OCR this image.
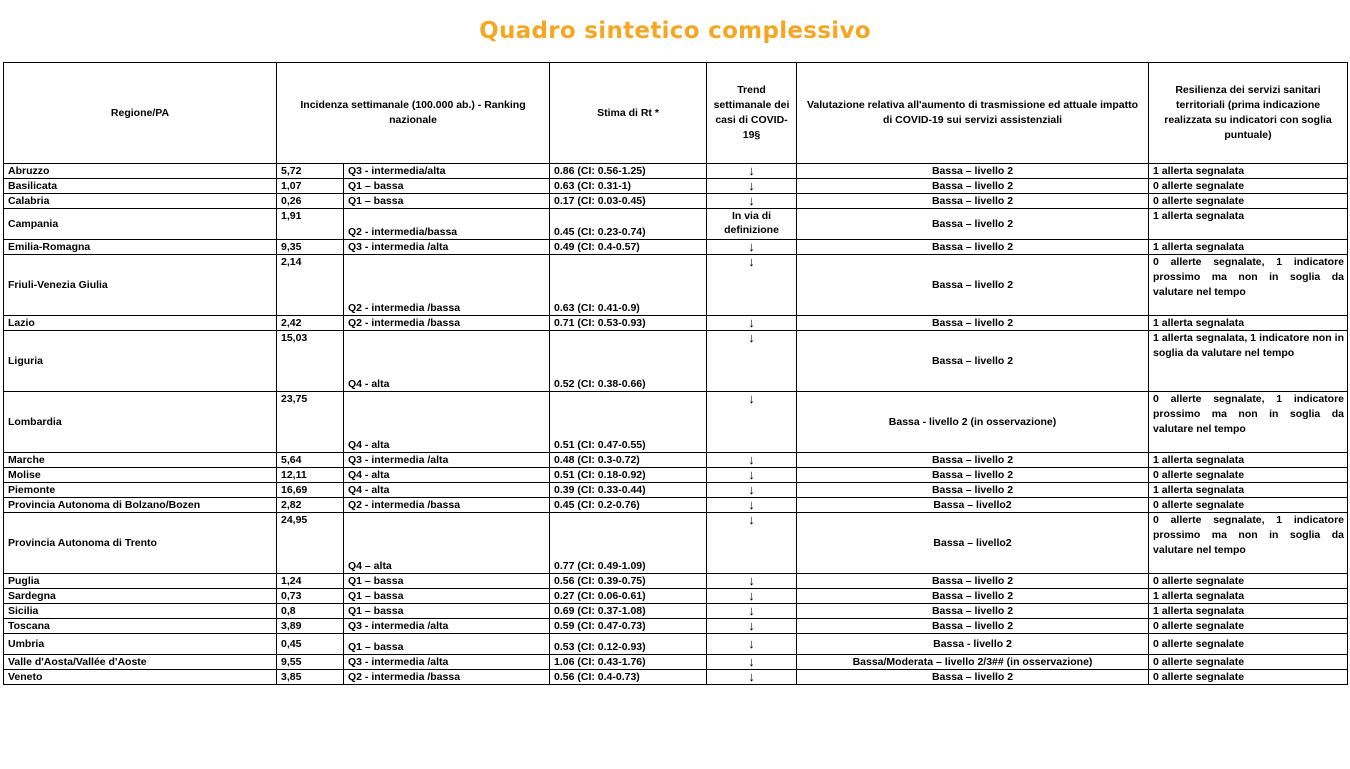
Quadro sintetico complessivo
Regione/PA	Incidenza settimanale (100.000 ab.) - Ranking nazionale		Stima di Rt *	Trend settimanale dei casi di COVID-19§	Valutazione relativa all'aumento di trasmissione ed attuale impatto di COVID-19 sui servizi assistenziali	Resilienza dei servizi sanitari territoriali (prima indicazione realizzata su indicatori con soglia puntuale)
Abruzzo	5,72	Q3 - intermedia/alta	0.86 (CI: 0.56-1.25)	↓	Bassa – livello 2	1 allerta segnalata
Basilicata	1,07	Q1 – bassa	0.63 (CI: 0.31-1)	↓	Bassa – livello 2	0 allerte segnalate
Calabria	0,26	Q1 – bassa	0.17 (CI: 0.03-0.45)	↓	Bassa – livello 2	0 allerte segnalate
Campania	1,91	Q2 - intermedia/bassa	0.45 (CI: 0.23-0.74)	In via di definizione	Bassa – livello 2	1 allerta segnalata
Emilia-Romagna	9,35	Q3 - intermedia /alta	0.49 (CI: 0.4-0.57)	↓	Bassa – livello 2	1 allerta segnalata
Friuli-Venezia Giulia	2,14	Q2 - intermedia /bassa	0.63 (CI: 0.41-0.9)	↓	Bassa – livello 2	0 allerte segnalate, 1 indicatore prossimo ma non in soglia da valutare nel tempo
Lazio	2,42	Q2 - intermedia /bassa	0.71 (CI: 0.53-0.93)	↓	Bassa – livello 2	1 allerta segnalata
Liguria	15,03	Q4 - alta	0.52 (CI: 0.38-0.66)	↓	Bassa – livello 2	1 allerta segnalata, 1 indicatore non in soglia da valutare nel tempo
Lombardia	23,75	Q4 - alta	0.51 (CI: 0.47-0.55)	↓	Bassa - livello 2 (in osservazione)	0 allerte segnalate, 1 indicatore prossimo ma non in soglia da valutare nel tempo
Marche	5,64	Q3 - intermedia /alta	0.48 (CI: 0.3-0.72)	↓	Bassa – livello 2	1 allerta segnalata
Molise	12,11	Q4 - alta	0.51 (CI: 0.18-0.92)	↓	Bassa – livello 2	0 allerte segnalate
Piemonte	16,69	Q4 - alta	0.39 (CI: 0.33-0.44)	↓	Bassa – livello 2	1 allerta segnalata
Provincia Autonoma di Bolzano/Bozen	2,82	Q2 - intermedia /bassa	0.45 (CI: 0.2-0.76)	↓	Bassa – livello2	0 allerte segnalate
Provincia Autonoma di Trento	24,95	Q4 – alta	0.77 (CI: 0.49-1.09)	↓	Bassa – livello2	0 allerte segnalate, 1 indicatore prossimo ma non in soglia da valutare nel tempo
Puglia	1,24	Q1 – bassa	0.56 (CI: 0.39-0.75)	↓	Bassa – livello 2	0 allerte segnalate
Sardegna	0,73	Q1 – bassa	0.27 (CI: 0.06-0.61)	↓	Bassa – livello 2	1 allerta segnalata
Sicilia	0,8	Q1 – bassa	0.69 (CI: 0.37-1.08)	↓	Bassa – livello 2	1 allerta segnalata
Toscana	3,89	Q3 - intermedia /alta	0.59 (CI: 0.47-0.73)	↓	Bassa – livello 2	0 allerte segnalate
Umbria	0,45	Q1 – bassa	0.53 (CI: 0.12-0.93)	↓	Bassa - livello 2	0 allerte segnalate
Valle d'Aosta/Vallée d'Aoste	9,55	Q3 - intermedia /alta	1.06 (CI: 0.43-1.76)	↓	Bassa/Moderata – livello 2/3## (in osservazione)	0 allerte segnalate
Veneto	3,85	Q2 - intermedia /bassa	0.56 (CI: 0.4-0.73)	↓	Bassa – livello 2	0 allerte segnalate
